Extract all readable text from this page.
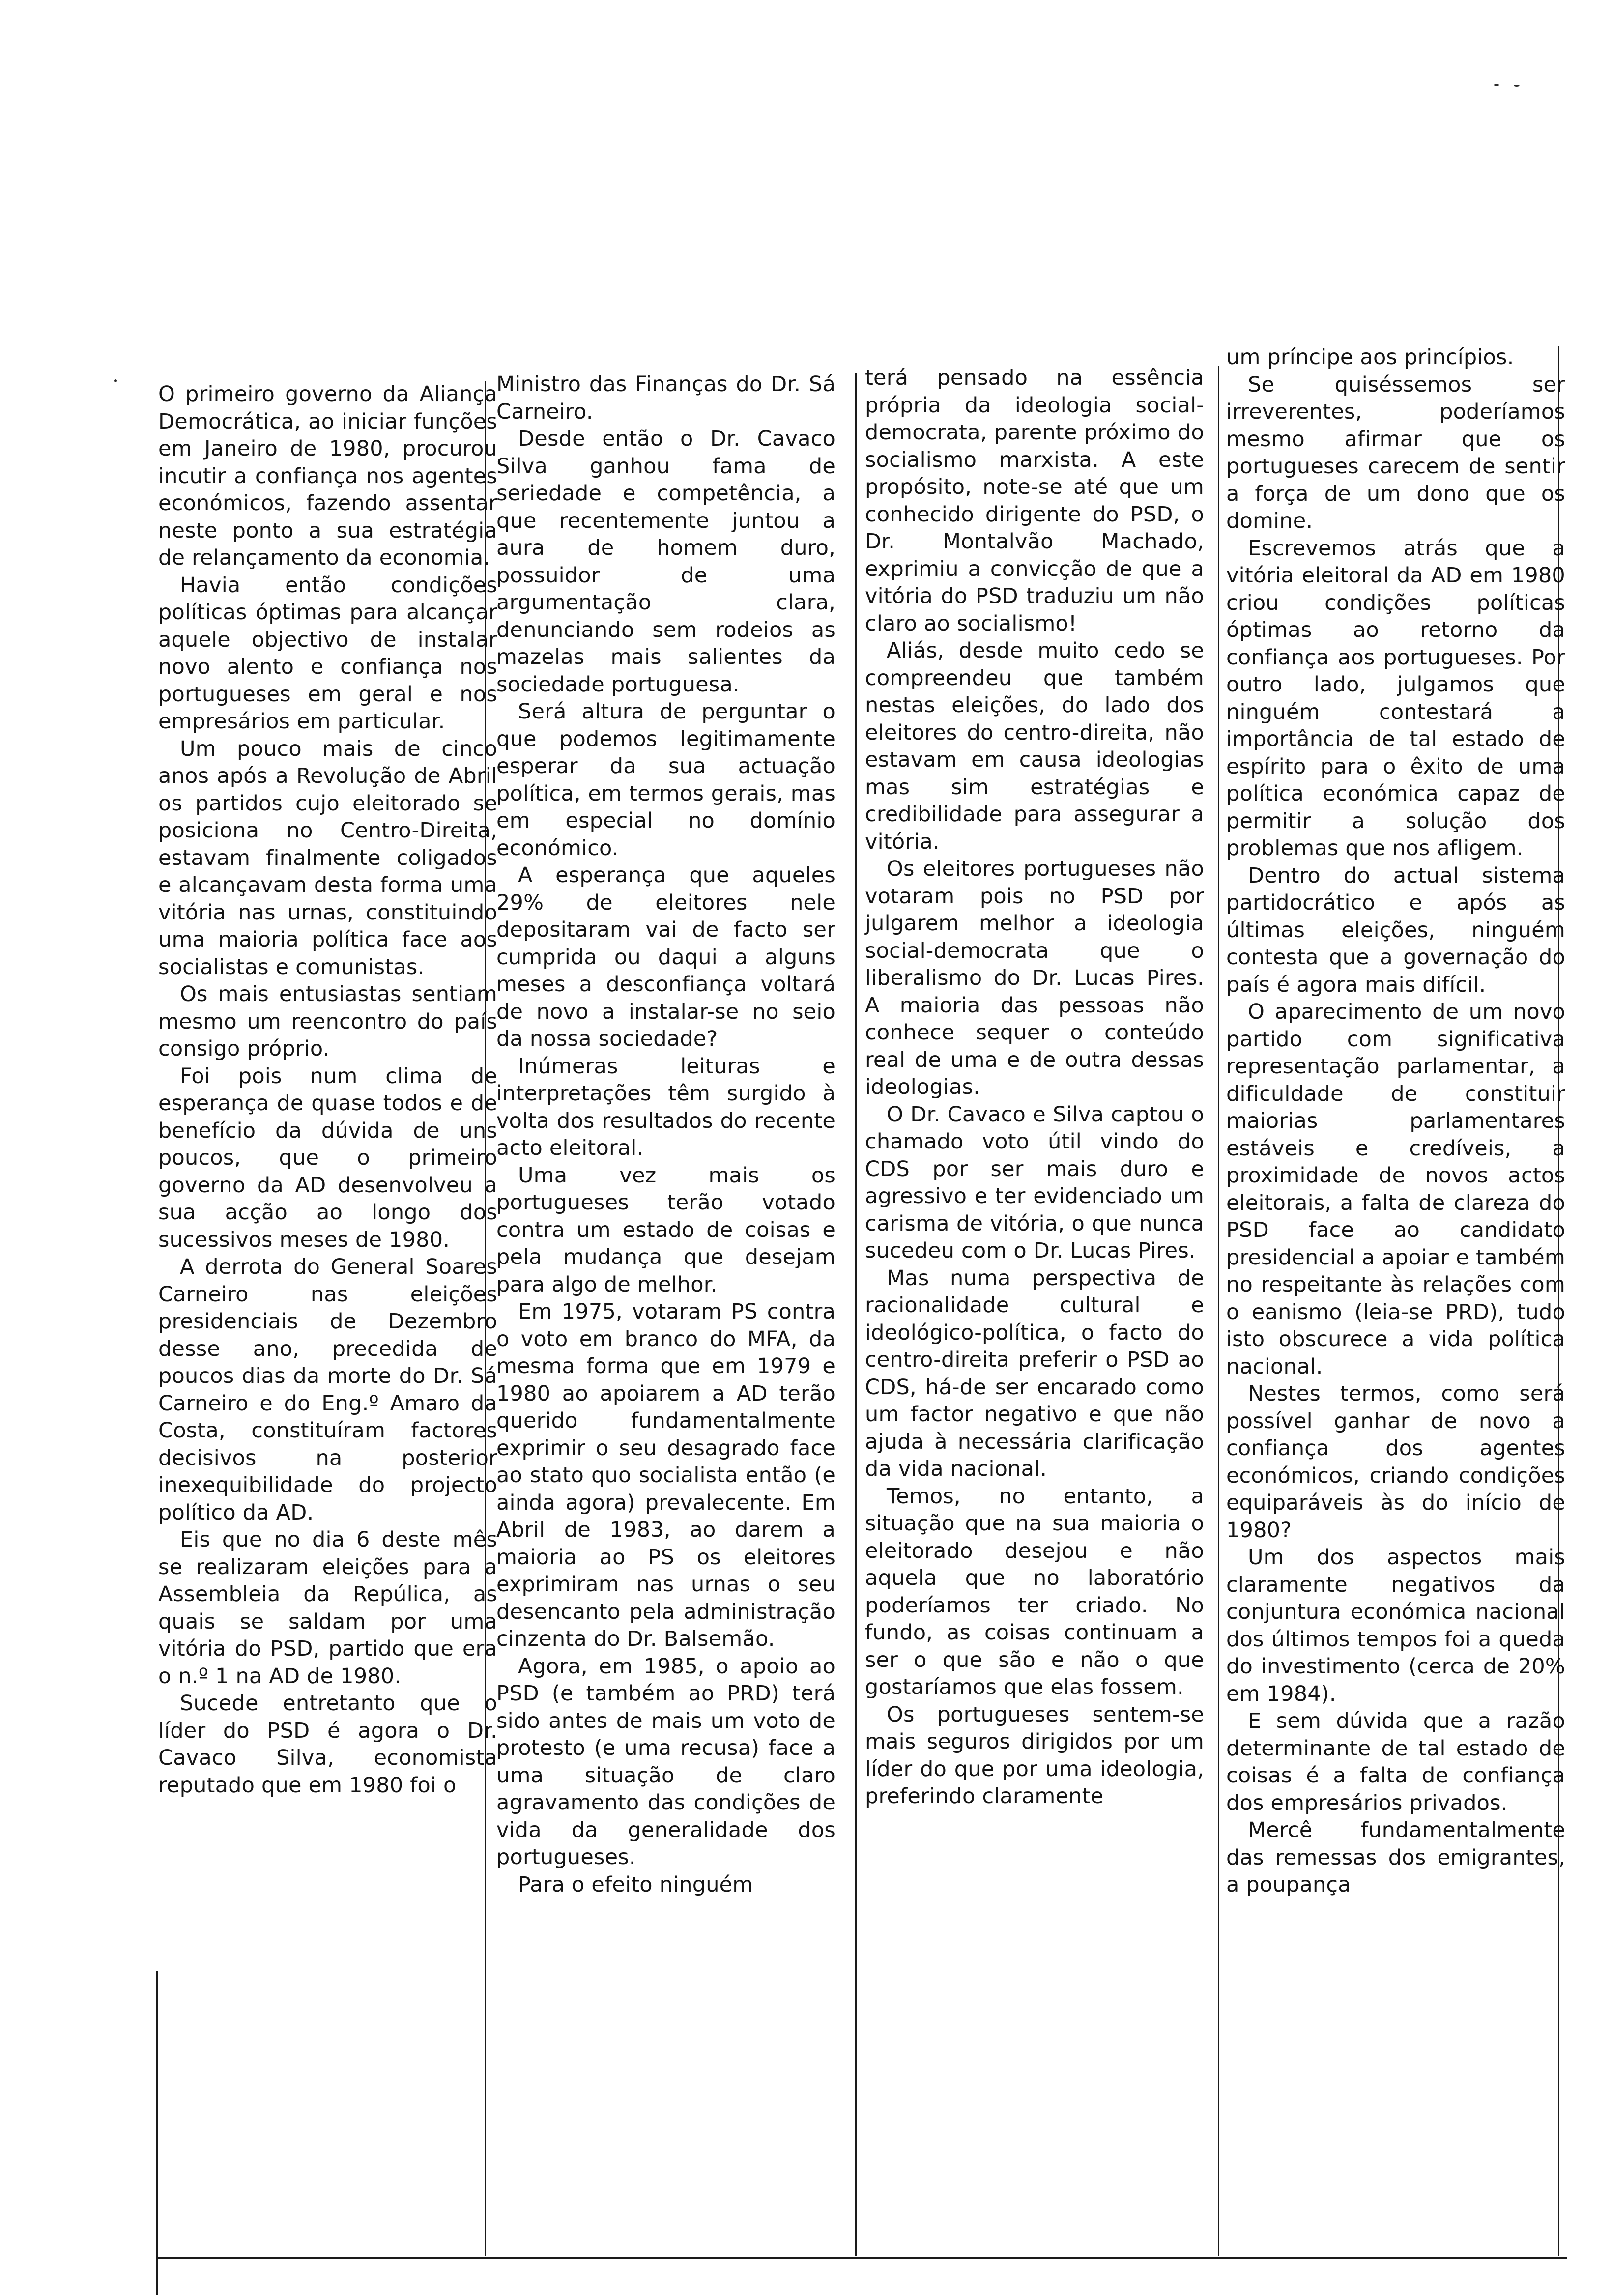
O primeiro governo da Aliança Democrática, ao iniciar funções em Janeiro de 1980, procurou incutir a confiança nos agentes económicos, fazendo assentar neste ponto a sua estratégia de relançamento da economia.

Havia então condições políticas óptimas para alcançar aquele objectivo de instalar novo alento e confiança nos portugueses em geral e nos empresários em particular.

Um pouco mais de cinco anos após a Revolução de Abril os partidos cujo eleitorado se posiciona no Centro-Direita, estavam finalmente coligados e alcançavam desta forma uma vitória nas urnas, constituindo uma maioria política face aos socialistas e comunistas.

Os mais entusiastas sentiam mesmo um reencontro do país consigo próprio.

Foi pois num clima de esperança de quase todos e de benefício da dúvida de uns poucos, que o primeiro governo da AD desenvolveu a sua acção ao longo dos sucessivos meses de 1980.

A derrota do General Soares Carneiro nas eleições presidenciais de Dezembro desse ano, precedida de poucos dias da morte do Dr. Sá Carneiro e do Eng.º Amaro da Costa, constituíram factores decisivos na posterior inexequibilidade do projecto político da AD.

Eis que no dia 6 deste mês se realizaram eleições para a Assembleia da Repúlica, as quais se saldam por uma vitória do PSD, partido que era o n.º 1 na AD de 1980.

Sucede entretanto que o líder do PSD é agora o Dr. Cavaco Silva, economista reputado que em 1980 foi o

Ministro das Finanças do Dr. Sá Carneiro.

Desde então o Dr. Cavaco Silva ganhou fama de seriedade e competência, a que recentemente juntou a aura de homem duro, possuidor de uma argumentação clara, denunciando sem rodeios as mazelas mais salientes da sociedade portuguesa.

Será altura de perguntar o que podemos legitimamente esperar da sua actuação política, em termos gerais, mas em especial no domínio económico.

A esperança que aqueles 29% de eleitores nele depositaram vai de facto ser cumprida ou daqui a alguns meses a desconfiança voltará de novo a instalar-se no seio da nossa sociedade?

Inúmeras leituras e interpretações têm surgido à volta dos resultados do recente acto eleitoral.

Uma vez mais os portugueses terão votado contra um estado de coisas e pela mudança que desejam para algo de melhor.

Em 1975, votaram PS contra o voto em branco do MFA, da mesma forma que em 1979 e 1980 ao apoiarem a AD terão querido fundamentalmente exprimir o seu desagrado face ao stato quo socialista então (e ainda agora) prevalecente. Em Abril de 1983, ao darem a maioria ao PS os eleitores exprimiram nas urnas o seu desencanto pela administração cinzenta do Dr. Balsemão.

Agora, em 1985, o apoio ao PSD (e também ao PRD) terá sido antes de mais um voto de protesto (e uma recusa) face a uma situação de claro agravamento das condições de vida da generalidade dos portugueses.

Para o efeito ninguém

terá pensado na essência própria da ideologia social-democrata, parente próximo do socialismo marxista. A este propósito, note-se até que um conhecido dirigente do PSD, o Dr. Montalvão Machado, exprimiu a convicção de que a vitória do PSD traduziu um não claro ao socialismo!

Aliás, desde muito cedo se compreendeu que também nestas eleições, do lado dos eleitores do centro-direita, não estavam em causa ideologias mas sim estratégias e credibilidade para assegurar a vitória.

Os eleitores portugueses não votaram pois no PSD por julgarem melhor a ideologia social-democrata que o liberalismo do Dr. Lucas Pires. A maioria das pessoas não conhece sequer o conteúdo real de uma e de outra dessas ideologias.

O Dr. Cavaco e Silva captou o chamado voto útil vindo do CDS por ser mais duro e agressivo e ter evidenciado um carisma de vitória, o que nunca sucedeu com o Dr. Lucas Pires.

Mas numa perspectiva de racionalidade cultural e ideológico-política, o facto do centro-direita preferir o PSD ao CDS, há-de ser encarado como um factor negativo e que não ajuda à necessária clarificação da vida nacional.

Temos, no entanto, a situação que na sua maioria o eleitorado desejou e não aquela que no laboratório poderíamos ter criado. No fundo, as coisas continuam a ser o que são e não o que gostaríamos que elas fossem.

Os portugueses sentem-se mais seguros dirigidos por um líder do que por uma ideologia, preferindo claramente

um príncipe aos princípios.

Se quiséssemos ser irreverentes, poderíamos mesmo afirmar que os portugueses carecem de sentir a força de um dono que os domine.

Escrevemos atrás que a vitória eleitoral da AD em 1980 criou condições políticas óptimas ao retorno da confiança aos portugueses. Por outro lado, julgamos que ninguém contestará a importância de tal estado de espírito para o êxito de uma política económica capaz de permitir a solução dos problemas que nos afligem.

Dentro do actual sistema partidocrático e após as últimas eleições, ninguém contesta que a governação do país é agora mais difícil.

O aparecimento de um novo partido com significativa representação parlamentar, a dificuldade de constituir maiorias parlamentares estáveis e credíveis, a proximidade de novos actos eleitorais, a falta de clareza do PSD face ao candidato presidencial a apoiar e também no respeitante às relações com o eanismo (leia-se PRD), tudo isto obscurece a vida política nacional.

Nestes termos, como será possível ganhar de novo a confiança dos agentes económicos, criando condições equiparáveis às do início de 1980?

Um dos aspectos mais claramente negativos da conjuntura económica nacional dos últimos tempos foi a queda do investimento (cerca de 20% em 1984).

E sem dúvida que a razão determinante de tal estado de coisas é a falta de confiança dos empresários privados.

Mercê fundamentalmente das remessas dos emigrantes, a poupança
